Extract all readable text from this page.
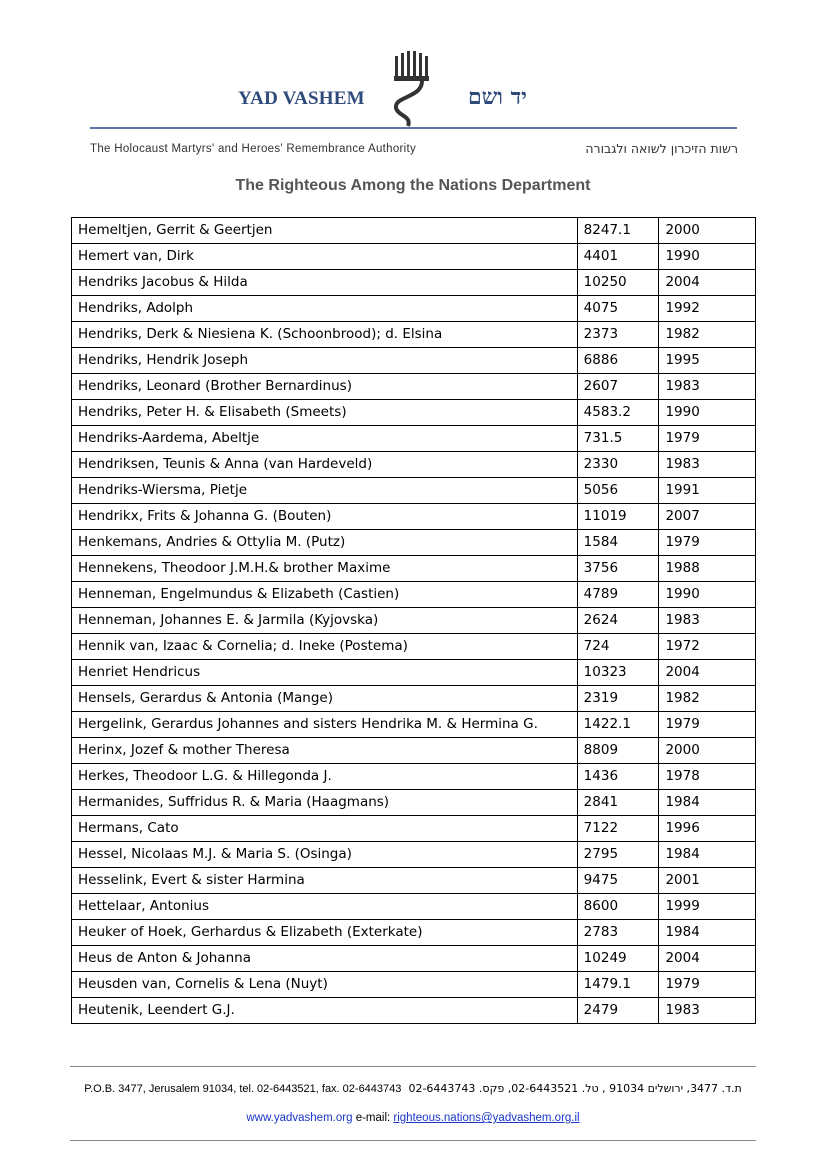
YAD VASHEM	יד ושם
The Holocaust Martyrs' and Heroes' Remembrance Authority	רשות הזיכרון לשואה ולגבורה
The Righteous Among the Nations Department
Hemeltjen, Gerrit & Geertjen	8247.1	2000
Hemert van, Dirk	4401	1990
Hendriks Jacobus & Hilda	10250	2004
Hendriks, Adolph	4075	1992
Hendriks, Derk & Niesiena K. (Schoonbrood); d. Elsina	2373	1982
Hendriks, Hendrik Joseph	6886	1995
Hendriks, Leonard (Brother Bernardinus)	2607	1983
Hendriks, Peter H. & Elisabeth (Smeets)	4583.2	1990
Hendriks-Aardema, Abeltje	731.5	1979
Hendriksen, Teunis & Anna (van Hardeveld)	2330	1983
Hendriks-Wiersma, Pietje	5056	1991
Hendrikx, Frits & Johanna G. (Bouten)	11019	2007
Henkemans, Andries & Ottylia M. (Putz)	1584	1979
Hennekens, Theodoor J.M.H.& brother Maxime	3756	1988
Henneman, Engelmundus & Elizabeth (Castien)	4789	1990
Henneman, Johannes E. & Jarmila (Kyjovska)	2624	1983
Hennik van, Izaac & Cornelia; d. Ineke (Postema)	724	1972
Henriet Hendricus	10323	2004
Hensels, Gerardus & Antonia (Mange)	2319	1982
Hergelink, Gerardus Johannes and sisters Hendrika M. & Hermina G.	1422.1	1979
Herinx, Jozef & mother Theresa	8809	2000
Herkes, Theodoor L.G. & Hillegonda J.	1436	1978
Hermanides, Suffridus R. & Maria (Haagmans)	2841	1984
Hermans, Cato	7122	1996
Hessel, Nicolaas M.J. & Maria S. (Osinga)	2795	1984
Hesselink, Evert & sister Harmina	9475	2001
Hettelaar, Antonius	8600	1999
Heuker of Hoek, Gerhardus & Elizabeth (Exterkate)	2783	1984
Heus de Anton & Johanna	10249	2004
Heusden van, Cornelis & Lena (Nuyt)	1479.1	1979
Heutenik, Leendert G.J.	2479	1983
P.O.B. 3477, Jerusalem 91034, tel. 02-6443521, fax. 02-6443743 ת.ד. 3477, ירושלים 91034 , טל. 02-6443521, פקס. 02-6443743
www.yadvashem.org e-mail: righteous.nations@yadvashem.org.il
